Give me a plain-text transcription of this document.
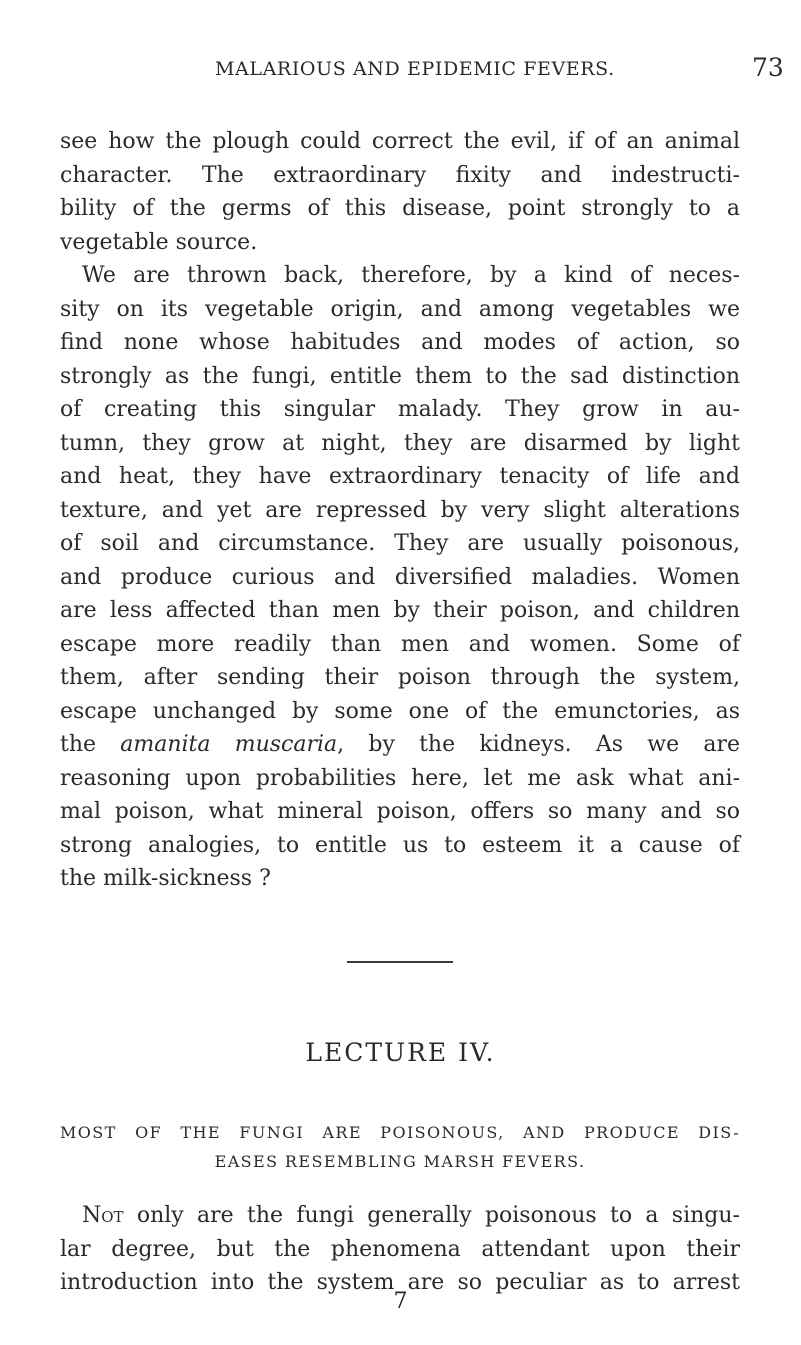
MALARIOUS AND EPIDEMIC FEVERS.	73
see how the plough could correct the evil, if of an animal
character. The extraordinary fixity and indestructi-
bility of the germs of this disease, point strongly to a
vegetable source.
We are thrown back, therefore, by a kind of neces-
sity on its vegetable origin, and among vegetables we
find none whose habitudes and modes of action, so
strongly as the fungi, entitle them to the sad distinction
of creating this singular malady. They grow in au-
tumn, they grow at night, they are disarmed by light
and heat, they have extraordinary tenacity of life and
texture, and yet are repressed by very slight alterations
of soil and circumstance. They are usually poisonous,
and produce curious and diversified maladies. Women
are less affected than men by their poison, and children
escape more readily than men and women. Some of
them, after sending their poison through the system,
escape unchanged by some one of the emunctories, as
the amanita muscaria, by the kidneys. As we are
reasoning upon probabilities here, let me ask what ani-
mal poison, what mineral poison, offers so many and so
strong analogies, to entitle us to esteem it a cause of
the milk-sickness ?
LECTURE IV.
MOST OF THE FUNGI ARE POISONOUS, AND PRODUCE DIS-
EASES RESEMBLING MARSH FEVERS.
Not only are the fungi generally poisonous to a singu-
lar degree, but the phenomena attendant upon their
introduction into the system are so peculiar as to arrest
7
